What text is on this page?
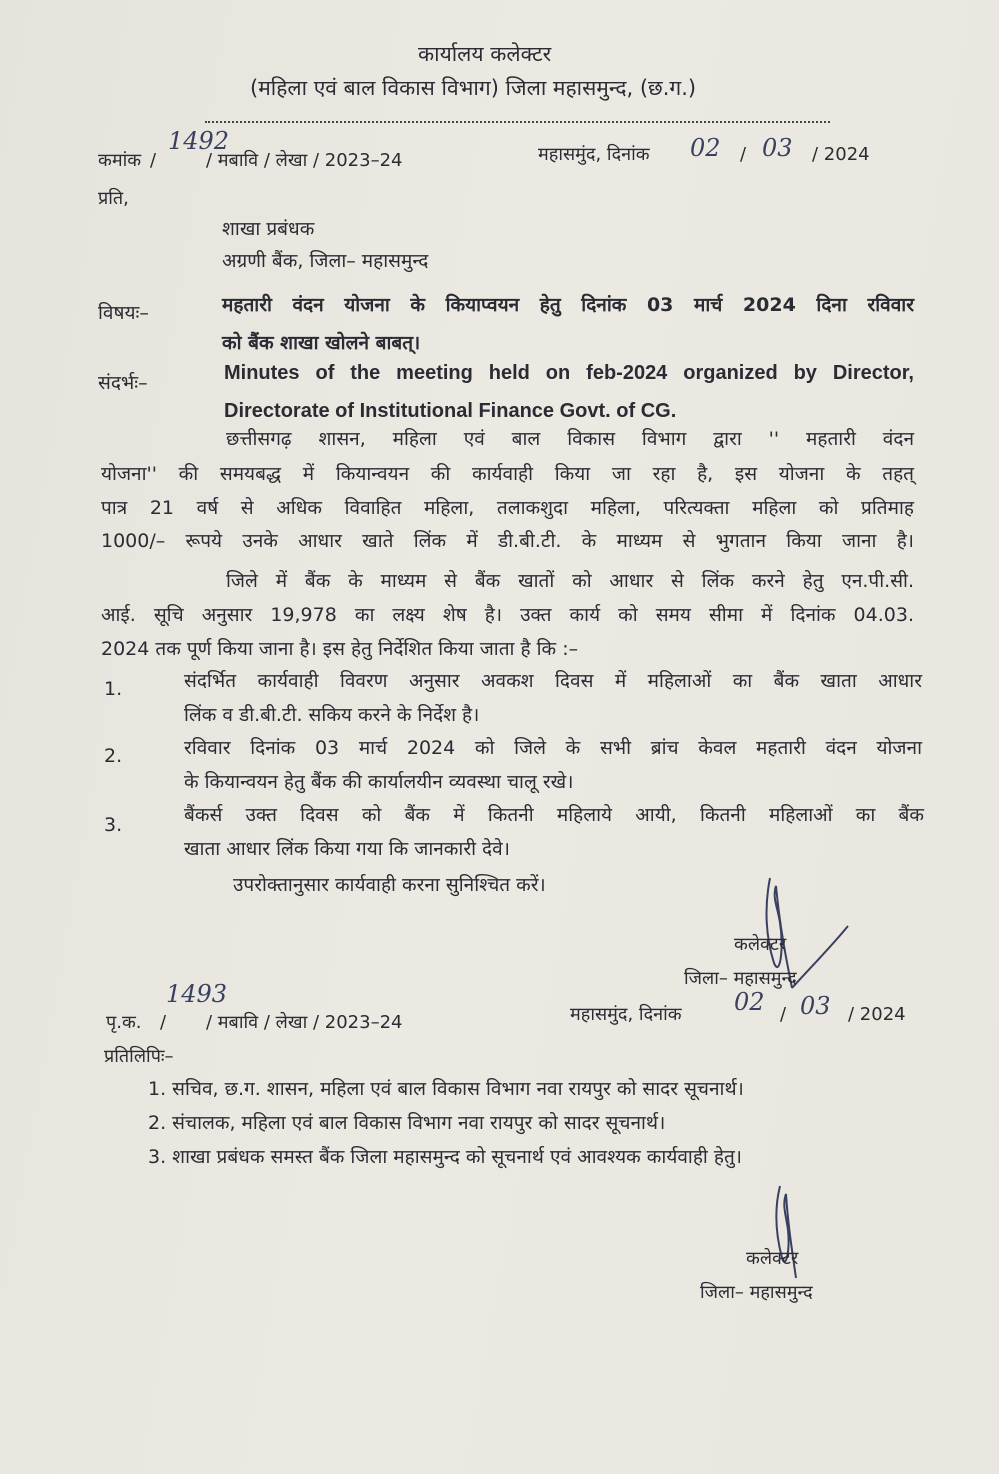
कार्यालय कलेक्टर
(महिला एवं बाल विकास विभाग) जिला महासमुन्द, (छ.ग.)
कमांक /
1492
/ मबावि / लेखा / 2023–24	महासमुंद, दिनांक 02 / 03 / 2024
प्रति,
शाखा प्रबंधक
अग्रणी बैंक, जिला– महासमुन्द
विषयः–	महतारी वंदन योजना के कियाप्वयन हेतु दिनांक 03 मार्च 2024 दिना रविवार
को बैंक शाखा खोलने बाबत्।
संदर्भः–	Minutes of the meeting held on feb-2024 organized by Director,
Directorate of Institutional Finance Govt. of CG.
छत्तीसगढ़ शासन, महिला एवं बाल विकास विभाग द्वारा '' महतारी वंदन
योजना'' की समयबद्ध में कियान्वयन की कार्यवाही किया जा रहा है, इस योजना के तहत्
पात्र 21 वर्ष से अधिक विवाहित महिला, तलाकशुदा महिला, परित्यक्ता महिला को प्रतिमाह
1000/– रूपये उनके आधार खाते लिंक में डी.बी.टी. के माध्यम से भुगतान किया जाना है।
जिले में बैंक के माध्यम से बैंक खातों को आधार से लिंक करने हेतु एन.पी.सी.
आई. सूचि अनुसार 19,978 का लक्ष्य शेष है। उक्त कार्य को समय सीमा में दिनांक 04.03.
2024 तक पूर्ण किया जाना है। इस हेतु निर्देशित किया जाता है कि :–
1.	संदर्भित कार्यवाही विवरण अनुसार अवकश दिवस में महिलाओं का बैंक खाता आधार
लिंक व डी.बी.टी. सकिय करने के निर्देश है।
2.	रविवार दिनांक 03 मार्च 2024 को जिले के सभी ब्रांच केवल महतारी वंदन योजना
के कियान्वयन हेतु बैंक की कार्यालयीन व्यवस्था चालू रखे।
3.	बैंकर्स उक्त दिवस को बैंक में कितनी महिलाये आयी, कितनी महिलाओं का बैंक
खाता आधार लिंक किया गया कि जानकारी देवे।
उपरोक्तानुसार कार्यवाही करना सुनिश्चित करें।
कलेक्टर
जिला– महासमुन्द
पृ.क. /
1493
/ मबावि / लेखा / 2023–24	महासमुंद, दिनांक 02 / 03 / 2024
प्रतिलिपिः–
1. सचिव, छ.ग. शासन, महिला एवं बाल विकास विभाग नवा रायपुर को सादर सूचनार्थ।
2. संचालक, महिला एवं बाल विकास विभाग नवा रायपुर को सादर सूचनार्थ।
3. शाखा प्रबंधक समस्त बैंक जिला महासमुन्द को सूचनार्थ एवं आवश्यक कार्यवाही हेतु।
कलेक्टर
जिला– महासमुन्द
